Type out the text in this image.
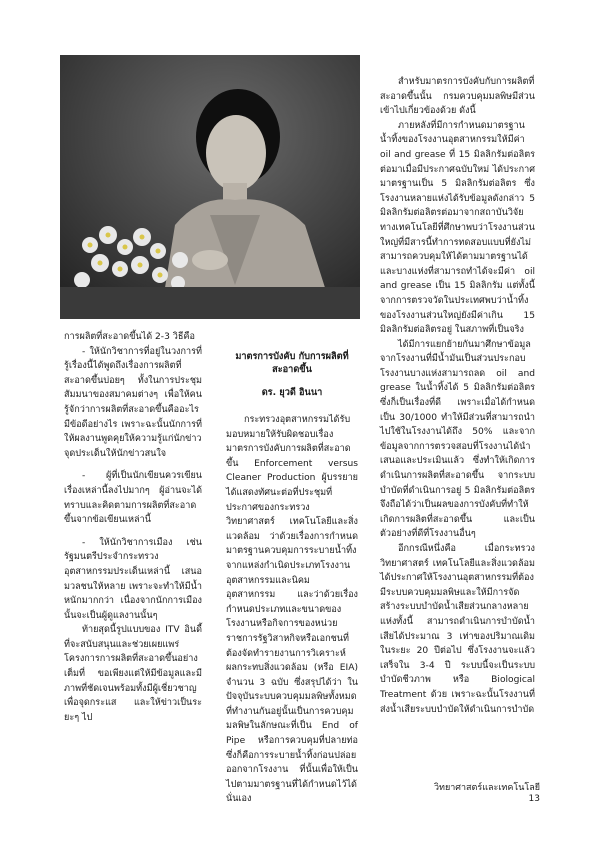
การผลิตที่สะอาดขึ้นได้ 2-3 วิธีคือ

- ให้นักวิชาการที่อยู่ในวงการที่รู้เรื่องนี้ได้พูดถึงเรื่องการผลิตที่สะอาดขึ้นบ่อยๆ ทั้งในการประชุมสัมมนาของสมาคมต่างๆ เพื่อให้คนรู้จักว่าการผลิตที่สะอาดขึ้นคืออะไร มีข้อดีอย่างไร เพราะฉะนั้นนักการที่ให้ผลงานพูดคุยให้ความรู้แก่นักข่าว จุดประเด็นให้นักข่าวสนใจ

- ผู้ที่เป็นนักเขียนควรเขียนเรื่องเหล่านี้ลงไปมากๆ ผู้อ่านจะได้ทราบและคิดตามการผลิตที่สะอาดขึ้นจากข้อเขียนเหล่านี้

- ให้นักวิชาการเมือง เช่นรัฐมนตรีประจำกระทรวงอุตสาหกรรมประเด็นเหล่านี้ เสนอมวลชนให้หลาย เพราะจะทำให้มีน้ำหนักมากกว่า เนื่องจากนักการเมืองนั้นจะเป็นผู้ดูแลงานนั้นๆ

ท้ายสุดนี้รูปแบบของ ITV อินดี้ที่จะสนับสนุนและช่วยเผยแพร่โครงการการผลิตที่สะอาดขึ้นอย่างเต็มที่ ขอเพียงแต่ให้มีข้อมูลและมีภาพที่ชัดเจนพร้อมทั้งมีผู้เชี่ยวชาญ เพื่อจุดกระแส และให้ข่าวเป็นระยะๆ ไป

มาตรการบังคับ กับการผลิตที่สะอาดขึ้น

ดร. ยุวดี อินนา

กระทรวงอุตสาหกรรมได้รับมอบหมายให้รับผิดชอบเรื่อง มาตรการบังคับการผลิตที่สะอาดขึ้น Enforcement versus Cleaner Production ผู้บรรยายได้แสดงทัศนะต่อที่ประชุมที่ประกาศของกระทรวงวิทยาศาสตร์ เทคโนโลยีและสิ่งแวดล้อม ว่าด้วยเรื่องการกำหนดมาตรฐานควบคุมการระบายน้ำทิ้งจากแหล่งกำเนิดประเภทโรงงานอุตสาหกรรมและนิคมอุตสาหกรรม และว่าด้วยเรื่องกำหนดประเภทและขนาดของโรงงานหรือกิจการของหน่วยราชการรัฐวิสาหกิจหรือเอกชนที่ต้องจัดทำรายงานการวิเคราะห์ผลกระทบสิ่งแวดล้อม (หรือ EIA) จำนวน 3 ฉบับ ซึ่งสรุปได้ว่า ในปัจจุบันระบบควบคุมมลพิษทั้งหมดที่ทำงานกันอยู่นั้นเป็นการควบคุมมลพิษในลักษณะที่เป็น End of Pipe หรือการควบคุมที่ปลายท่อซึ่งก็คือการระบายน้ำทิ้งก่อนปล่อยออกจากโรงงาน ที่นั้นเพื่อให้เป็นไปตามมาตรฐานที่ได้กำหนดไว้ได้นั่นเอง

สำหรับมาตรการบังคับกับการผลิตที่สะอาดขึ้นนั้น กรมควบคุมมลพิษมีส่วนเข้าไปเกี่ยวข้องด้วย ดังนี้

ภายหลังที่มีการกำหนดมาตรฐานน้ำทิ้งของโรงงานอุตสาหกรรมให้มีค่า oil and grease ที่ 15 มิลลิกรัมต่อลิตร ต่อมาเมื่อมีประกาศฉบับใหม่ ได้ประกาศมาตรฐานเป็น 5 มิลลิกรัมต่อลิตร ซึ่งโรงงานหลายแห่งได้รับข้อมูลดังกล่าว 5 มิลลิกรัมต่อลิตรต่อมาจากสถาบันวิจัยทางเทคโนโลยีที่ศึกษาพบว่าโรงงานส่วนใหญ่ที่มีสารนี้ทำการทดสอบแบบที่ยังไม่สามารถควบคุมให้ได้ตามมาตรฐานได้ และบางแห่งที่สามารถทำได้จะมีค่า oil and grease เป็น 15 มิลลิกรัม แต่ทั้งนี้จากการตรวจวัดในประเทศพบว่าน้ำทิ้งของโรงงานส่วนใหญ่ยังมีค่าเกิน 15 มิลลิกรัมต่อลิตรอยู่ ในสภาพที่เป็นจริง

ได้มีการแยกย้ายกันมาศึกษาข้อมูลจากโรงงานที่มีน้ำมันเป็นส่วนประกอบ โรงงานบางแห่งสามารถลด oil and grease ในน้ำทิ้งได้ 5 มิลลิกรัมต่อลิตร ซึ่งก็เป็นเรื่องที่ดี เพราะเมื่อได้กำหนดเป็น 30/1000 ทำให้มีส่วนที่สามารถนำไปใช้ในโรงงานได้ถึง 50% และจากข้อมูลจากการตรวจสอบที่โรงงานได้นำเสนอและประเมินแล้ว ซึ่งทำให้เกิดการดำเนินการผลิตที่สะอาดขึ้น จากระบบบำบัดที่ดำเนินการอยู่ 5 มิลลิกรัมต่อลิตร จึงถือได้ว่าเป็นผลของการบังคับที่ทำให้เกิดการผลิตที่สะอาดขึ้น และเป็นตัวอย่างที่ดีที่โรงงานอื่นๆ

อีกกรณีหนึ่งคือ เมื่อกระทรวงวิทยาศาสตร์ เทคโนโลยีและสิ่งแวดล้อม ได้ประกาศให้โรงงานอุตสาหกรรมที่ต้องมีระบบควบคุมมลพิษและให้มีการจัดสร้างระบบบำบัดน้ำเสียส่วนกลางหลายแห่งทั้งนี้ สามารถดำเนินการบำบัดน้ำเสียได้ประมาณ 3 เท่าของปริมาณเดิม ในระยะ 20 ปีต่อไป ซึ่งโรงงานจะแล้วเสร็จใน 3-4 ปี ระบบนี้จะเป็นระบบบำบัดชีวภาพ หรือ Biological Treatment ด้วย เพราะฉะนั้นโรงงานที่ส่งน้ำเสียระบบบำบัดให้ดำเนินการบำบัด

วิทยาศาสตร์และเทคโนโลยี 13
